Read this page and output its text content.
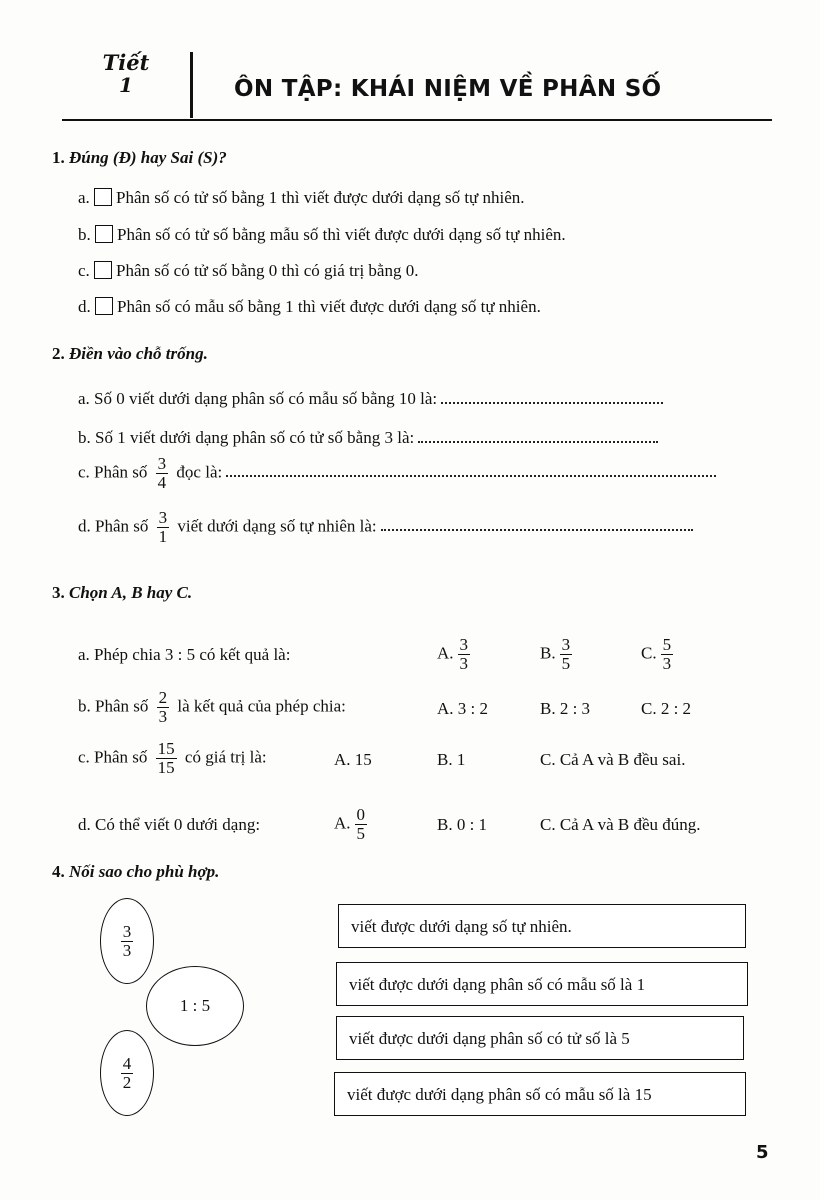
Tiết
1	ÔN TẬP: KHÁI NIỆM VỀ PHÂN SỐ
1. Đúng (Đ) hay Sai (S)?
a. Phân số có tử số bằng 1 thì viết được dưới dạng số tự nhiên.
b. Phân số có tử số bằng mẫu số thì viết được dưới dạng số tự nhiên.
c. Phân số có tử số bằng 0 thì có giá trị bằng 0.
d. Phân số có mẫu số bằng 1 thì viết được dưới dạng số tự nhiên.
2. Điền vào chỗ trống.
a. Số 0 viết dưới dạng phân số có mẫu số bằng 10 là:
b. Số 1 viết dưới dạng phân số có tử số bằng 3 là:
c. Phân số $\frac{3}{4}$ đọc là:
d. Phân số $\frac{3}{1}$ viết dưới dạng số tự nhiên là:
3. Chọn A, B hay C.
a. Phép chia 3 : 5 có kết quả là:	A. $\frac{3}{3}$	B. $\frac{3}{5}$	C. $\frac{5}{3}$
b. Phân số $\frac{2}{3}$ là kết quả của phép chia:	A. 3 : 2	B. 2 : 3	C. 2 : 2
c. Phân số $\frac{15}{15}$ có giá trị là:	A. 15	B. 1	C. Cả A và B đều sai.
d. Có thể viết 0 dưới dạng:	A. $\frac{0}{5}$	B. 0 : 1	C. Cả A và B đều đúng.
4. Nối sao cho phù hợp.
$\frac{3}{3}$
1 : 5
$\frac{4}{2}$
viết được dưới dạng số tự nhiên.
viết được dưới dạng phân số có mẫu số là 1
viết được dưới dạng phân số có tử số là 5
viết được dưới dạng phân số có mẫu số là 15
5
